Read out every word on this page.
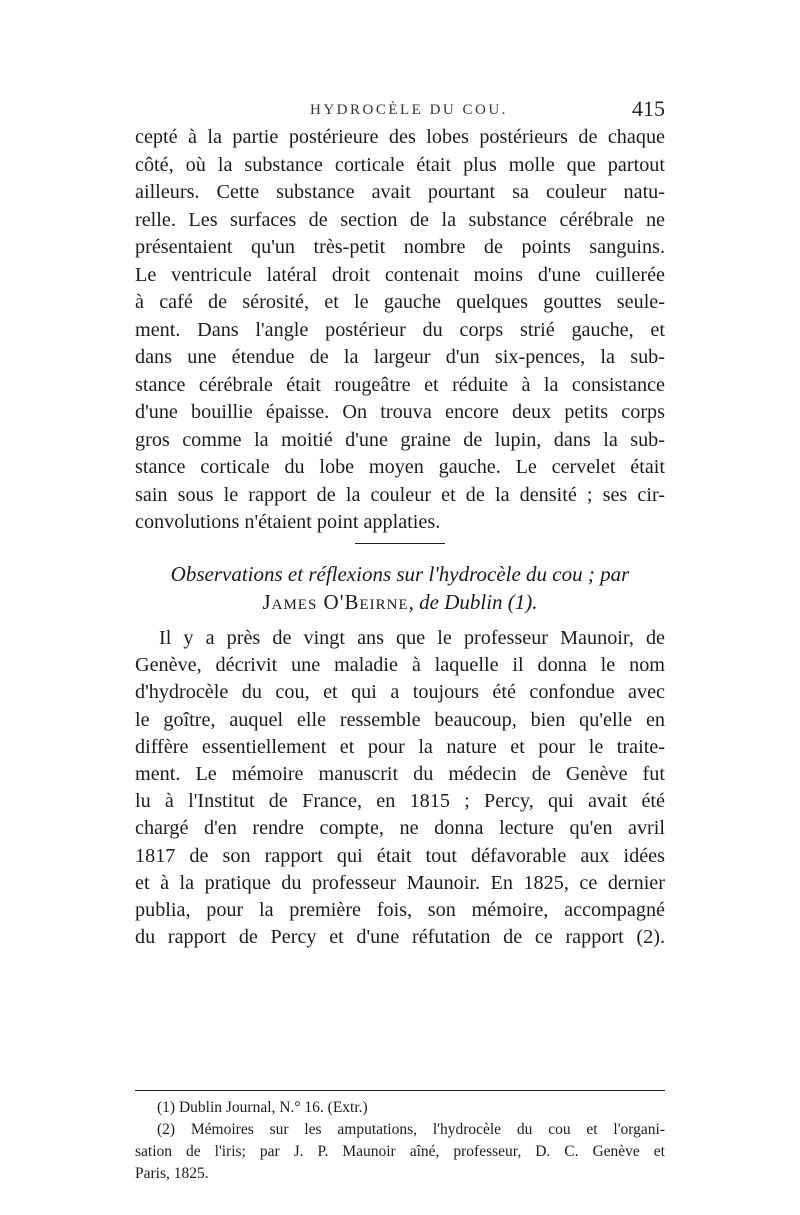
HYDROCÈLE DU COU.	415
cepté à la partie postérieure des lobes postérieurs de chaque
côté, où la substance corticale était plus molle que partout
ailleurs. Cette substance avait pourtant sa couleur natu-
relle. Les surfaces de section de la substance cérébrale ne
présentaient qu'un très-petit nombre de points sanguins.
Le ventricule latéral droit contenait moins d'une cuillerée
à café de sérosité, et le gauche quelques gouttes seule-
ment. Dans l'angle postérieur du corps strié gauche, et
dans une étendue de la largeur d'un six-pences, la sub-
stance cérébrale était rougeâtre et réduite à la consistance
d'une bouillie épaisse. On trouva encore deux petits corps
gros comme la moitié d'une graine de lupin, dans la sub-
stance corticale du lobe moyen gauche. Le cervelet était
sain sous le rapport de la couleur et de la densité ; ses cir-
convolutions n'étaient point applaties.
Observations et réflexions sur l'hydrocèle du cou ; par
James O'Beirne, de Dublin (1).
Il y a près de vingt ans que le professeur Maunoir, de
Genève, décrivit une maladie à laquelle il donna le nom
d'hydrocèle du cou, et qui a toujours été confondue avec
le goître, auquel elle ressemble beaucoup, bien qu'elle en
diffère essentiellement et pour la nature et pour le traite-
ment. Le mémoire manuscrit du médecin de Genève fut
lu à l'Institut de France, en 1815 ; Percy, qui avait été
chargé d'en rendre compte, ne donna lecture qu'en avril
1817 de son rapport qui était tout défavorable aux idées
et à la pratique du professeur Maunoir. En 1825, ce dernier
publia, pour la première fois, son mémoire, accompagné
du rapport de Percy et d'une réfutation de ce rapport (2).
(1) Dublin Journal, N.° 16. (Extr.)
(2) Mémoires sur les amputations, l'hydrocèle du cou et l'organi-
sation de l'iris; par J. P. Maunoir aîné, professeur, D. C. Genève et
Paris, 1825.
